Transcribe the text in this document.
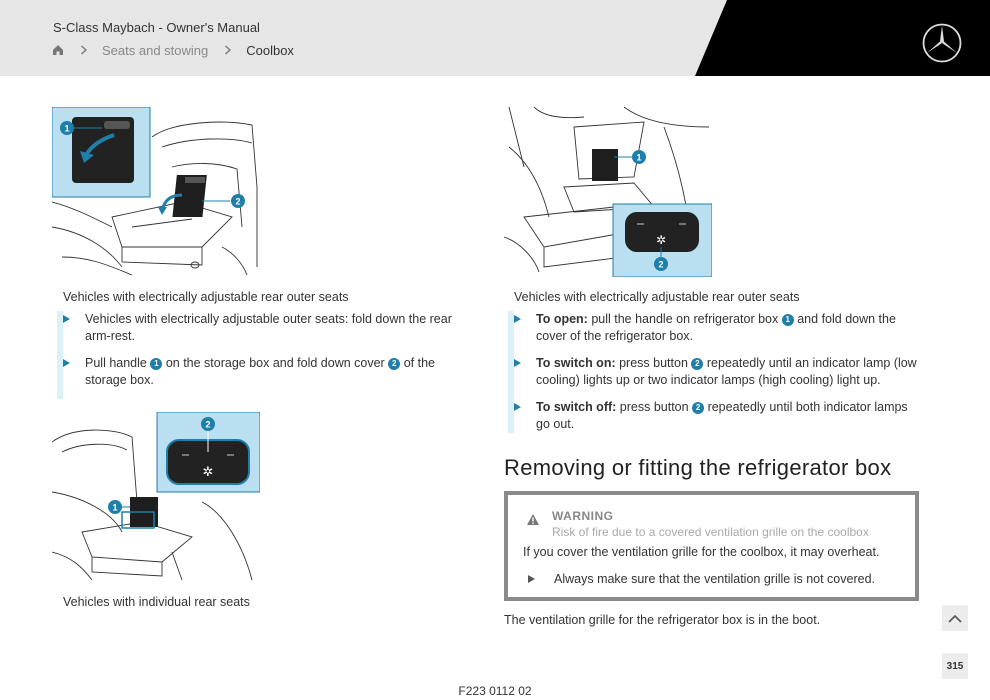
S-Class Maybach - Owner's Manual
Seats and stowing	Coolbox
1
2
Vehicles with electrically adjustable rear outer seats
Vehicles with electrically adjustable outer seats: fold down the rear arm-rest.
Pull handle 1 on the storage box and fold down cover 2 of the storage box.
1
✲
2
Vehicles with individual rear seats
1
✲
2
Vehicles with electrically adjustable rear outer seats
To open: pull the handle on refrigerator box 1 and fold down the cover of the refrigerator box.
To switch on: press button 2 repeatedly until an indicator lamp (low cooling) lights up or two indicator lamps (high cooling) light up.
To switch off: press button 2 repeatedly until both indicator lamps go out.
Removing or fitting the refrigerator box
WARNING
Risk of fire due to a covered ventilation grille on the coolbox
If you cover the ventilation grille for the coolbox, it may overheat.
Always make sure that the ventilation grille is not covered.
The ventilation grille for the refrigerator box is in the boot.
315
F223 0112 02
